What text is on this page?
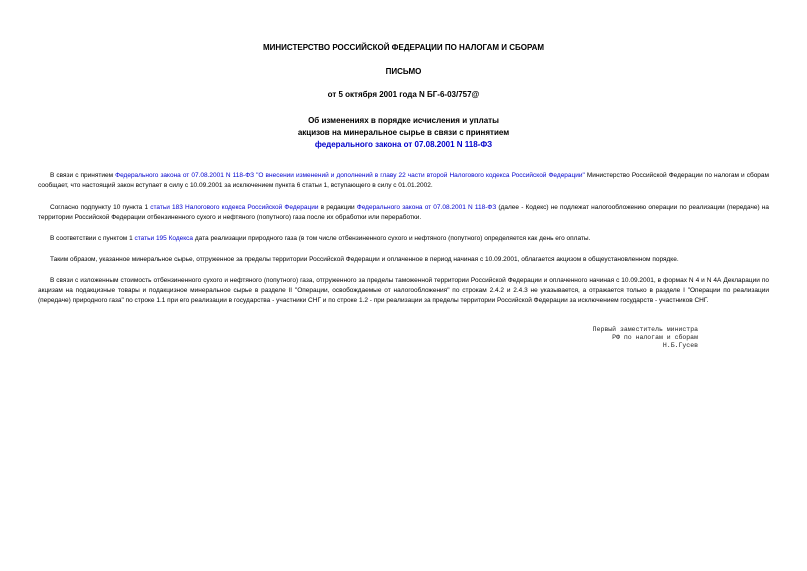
МИНИСТЕРСТВО РОССИЙСКОЙ ФЕДЕРАЦИИ ПО НАЛОГАМ И СБОРАМ
ПИСЬМО
от 5 октября 2001 года N БГ-6-03/757@
Об изменениях в порядке исчисления и уплаты
акцизов на минеральное сырье в связи с принятием
федерального закона от 07.08.2001 N 118-ФЗ

В связи с принятием Федерального закона от 07.08.2001 N 118-ФЗ "О внесении изменений и дополнений в главу 22 части второй Налогового кодекса Российской Федерации" Министерство Российской Федерации по налогам и сборам сообщает, что настоящий закон вступает в силу с 10.09.2001 за исключением пункта 6 статьи 1, вступающего в силу с 01.01.2002.

Согласно подпункту 10 пункта 1 статьи 183 Налогового кодекса Российской Федерации в редакции Федерального закона от 07.08.2001 N 118-ФЗ (далее - Кодекс) не подлежат налогообложению операции по реализации (передаче) на территории Российской Федерации отбензиненного сухого и нефтяного (попутного) газа после их обработки или переработки.

В соответствии с пунктом 1 статьи 195 Кодекса дата реализации природного газа (в том числе отбензиненного сухого и нефтяного (попутного) определяется как день его оплаты.

Таким образом, указанное минеральное сырье, отгруженное за пределы территории Российской Федерации и оплаченное в период начиная с 10.09.2001, облагается акцизом в общеустановленном порядке.

В связи с изложенным стоимость отбензиненного сухого и нефтяного (попутного) газа, отгруженного за пределы таможенной территории Российской Федерации и оплаченного начиная с 10.09.2001, в формах N 4 и N 4А Декларации по акцизам на подакцизные товары и подакцизное минеральное сырье в разделе II "Операции, освобождаемые от налогообложения" по строкам 2.4.2 и 2.4.3 не указывается, а отражается только в разделе I "Операции по реализации (передаче) природного газа" по строке 1.1 при его реализации в государства - участники СНГ и по строке 1.2 - при реализации за пределы территории Российской Федерации за исключением государств - участников СНГ.

Первый заместитель министра
РФ по налогам и сборам
Н.Б.Гусев
